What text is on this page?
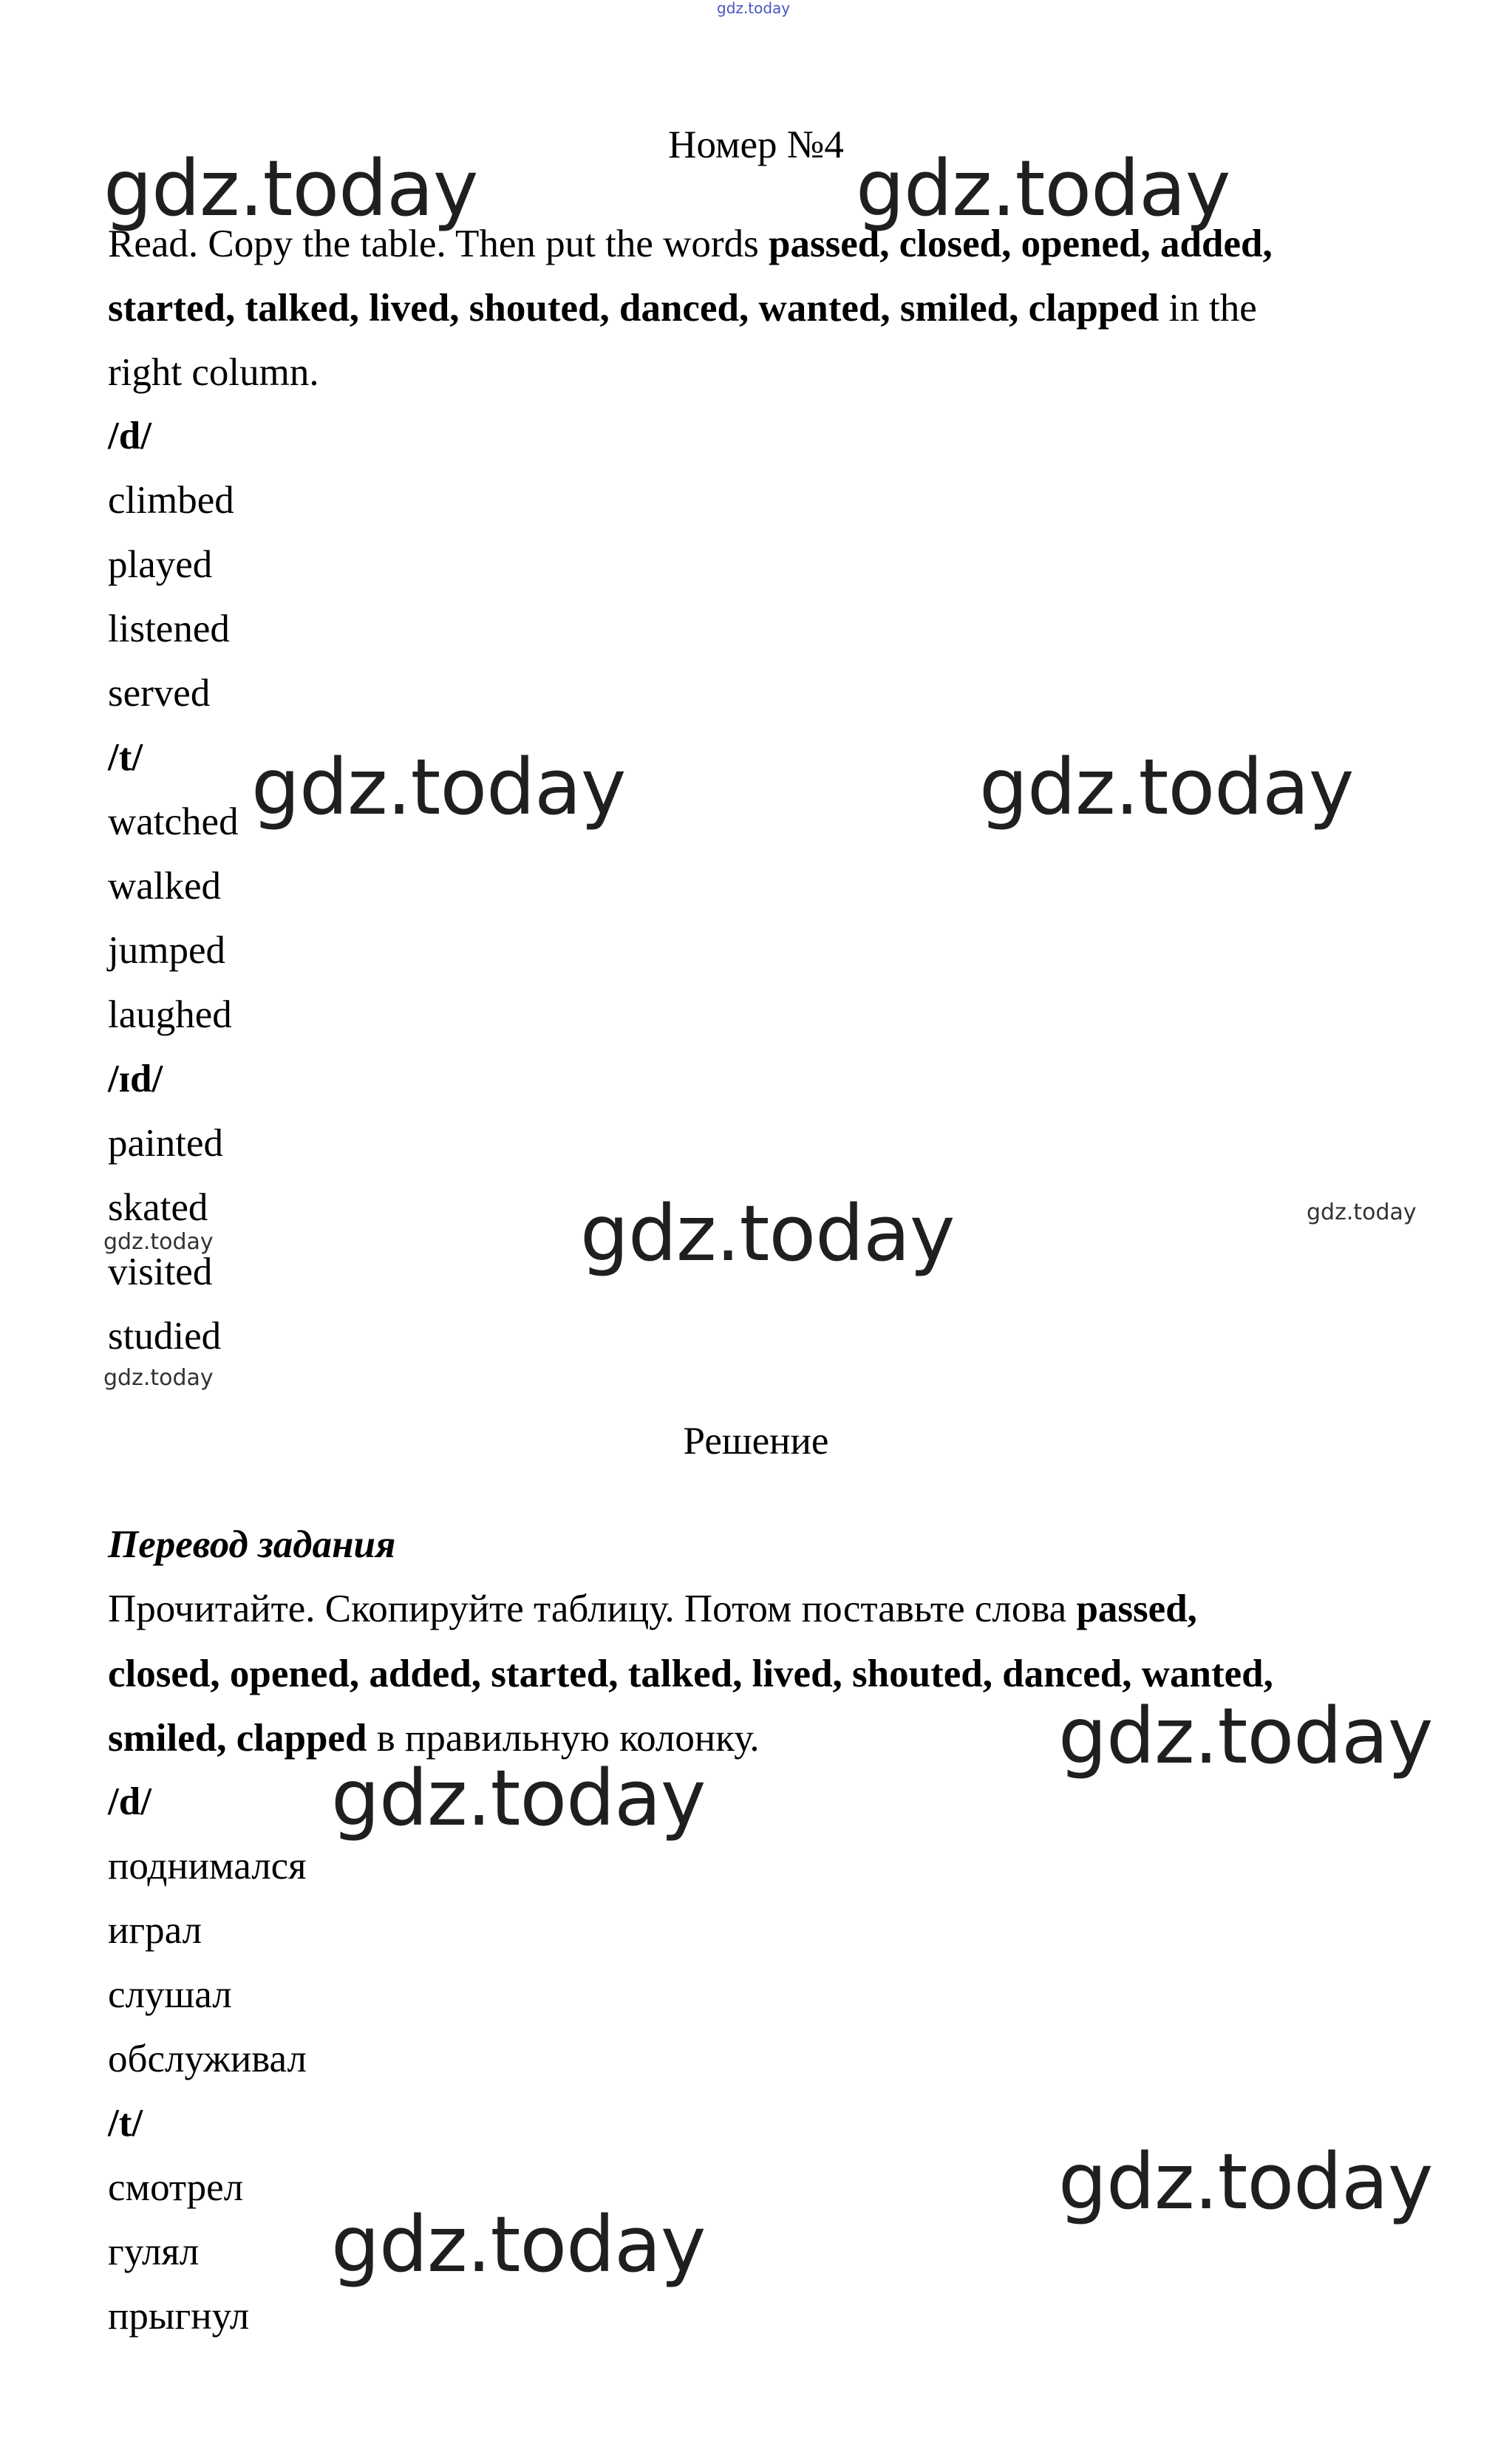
gdz.today
Номер №4
Read. Copy the table. Then put the words passed, closed, opened, added,
started, talked, lived, shouted, danced, wanted, smiled, clapped in the
right column.
/d/
climbed
played
listened
served
/t/
watched
walked
jumped
laughed
/ɪd/
painted
skated
visited
studied
Решение
Перевод задания
Прочитайте. Скопируйте таблицу. Потом поставьте слова passed,
closed, opened, added, started, talked, lived, shouted, danced, wanted,
smiled, clapped в правильную колонку.
/d/
поднимался
играл
слушал
обслуживал
/t/
смотрел
гулял
прыгнул
gdz.today	gdz.today
gdz.today	gdz.today
gdz.today
gdz.today
gdz.today
gdz.today
gdz.today
gdz.today
gdz.today
gdz.today
